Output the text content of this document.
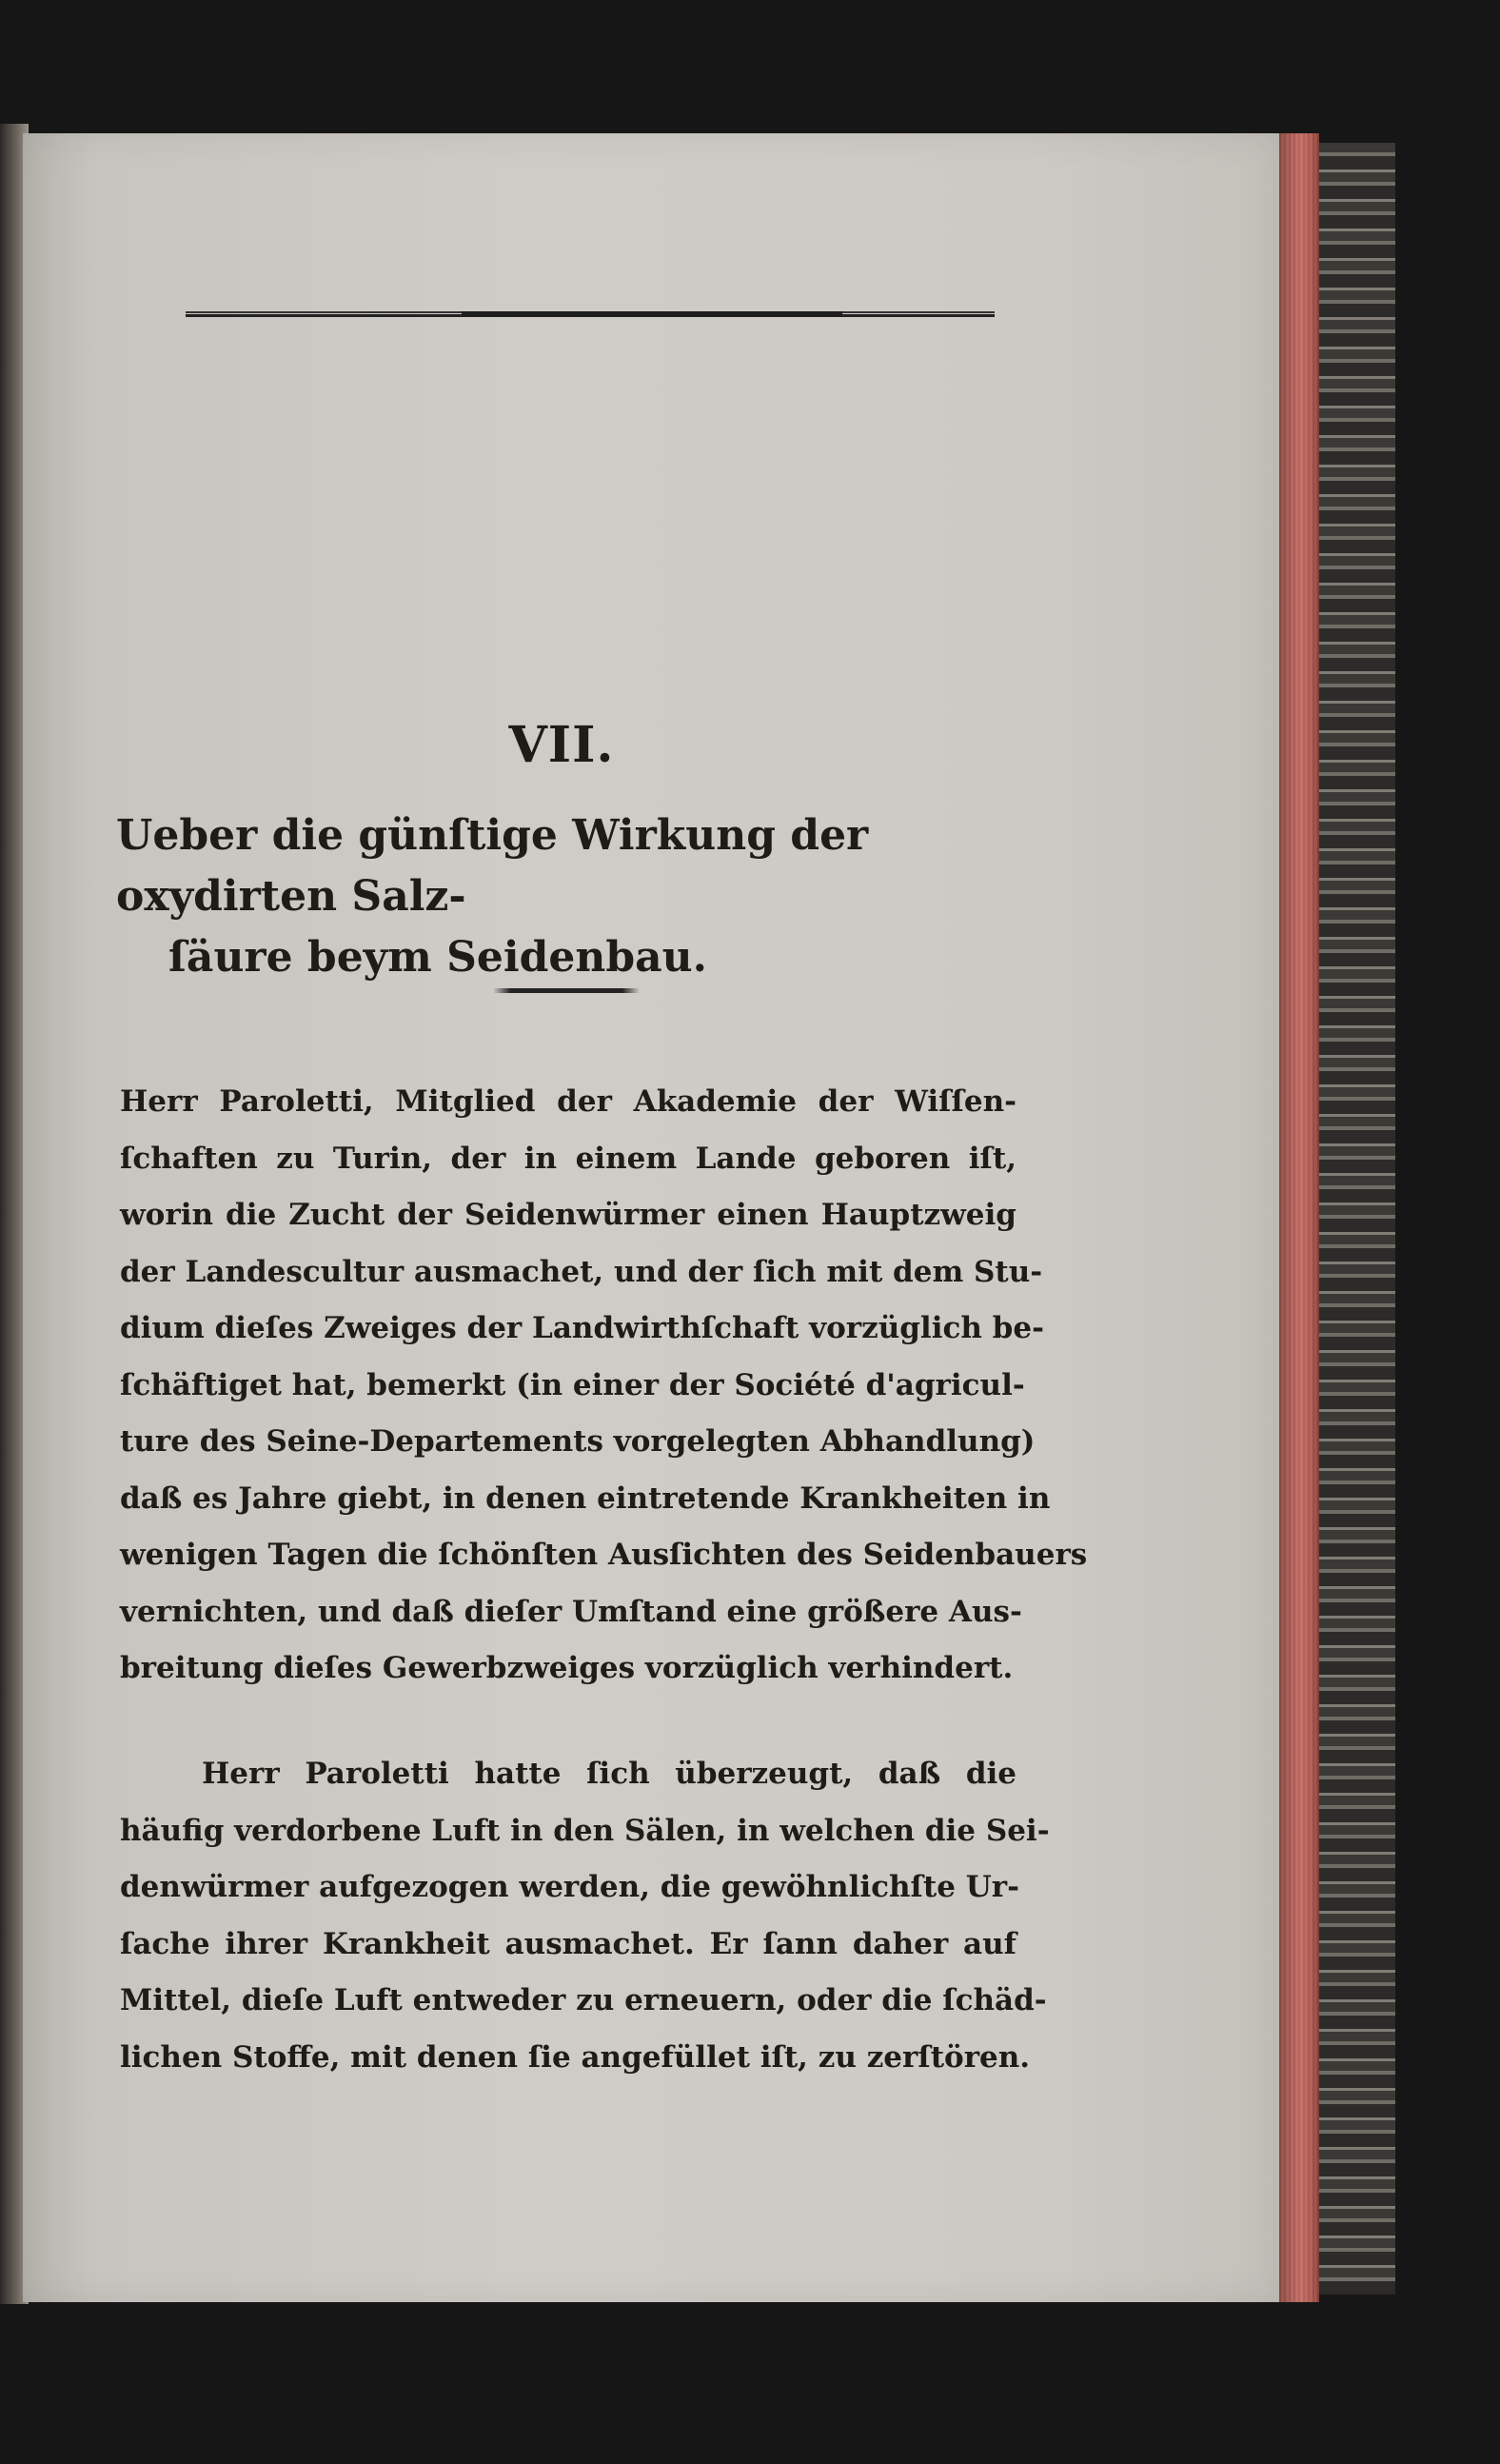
VII.
Ueber die günſtige Wirkung der oxydirten Salz-
ſäure beym Seidenbau.
Herr Paroletti, Mitglied der Akademie der Wiſſen-
ſchaften zu Turin, der in einem Lande geboren iſt,
worin die Zucht der Seidenwürmer einen Hauptzweig
der Landescultur ausmachet, und der ſich mit dem Stu-
dium dieſes Zweiges der Landwirthſchaft vorzüglich be-
ſchäftiget hat, bemerkt (in einer der Société d'agricul-
ture des Seine-Departements vorgelegten Abhandlung)
daß es Jahre giebt, in denen eintretende Krankheiten in
wenigen Tagen die ſchönſten Ausſichten des Seidenbauers
vernichten, und daß dieſer Umſtand eine größere Aus-
breitung dieſes Gewerbzweiges vorzüglich verhindert.
Herr Paroletti hatte ſich überzeugt, daß die
häufig verdorbene Luft in den Sälen, in welchen die Sei-
denwürmer aufgezogen werden, die gewöhnlichſte Ur-
ſache ihrer Krankheit ausmachet. Er ſann daher auf
Mittel, dieſe Luft entweder zu erneuern, oder die ſchäd-
lichen Stoffe, mit denen ſie angefüllet iſt, zu zerſtören.
